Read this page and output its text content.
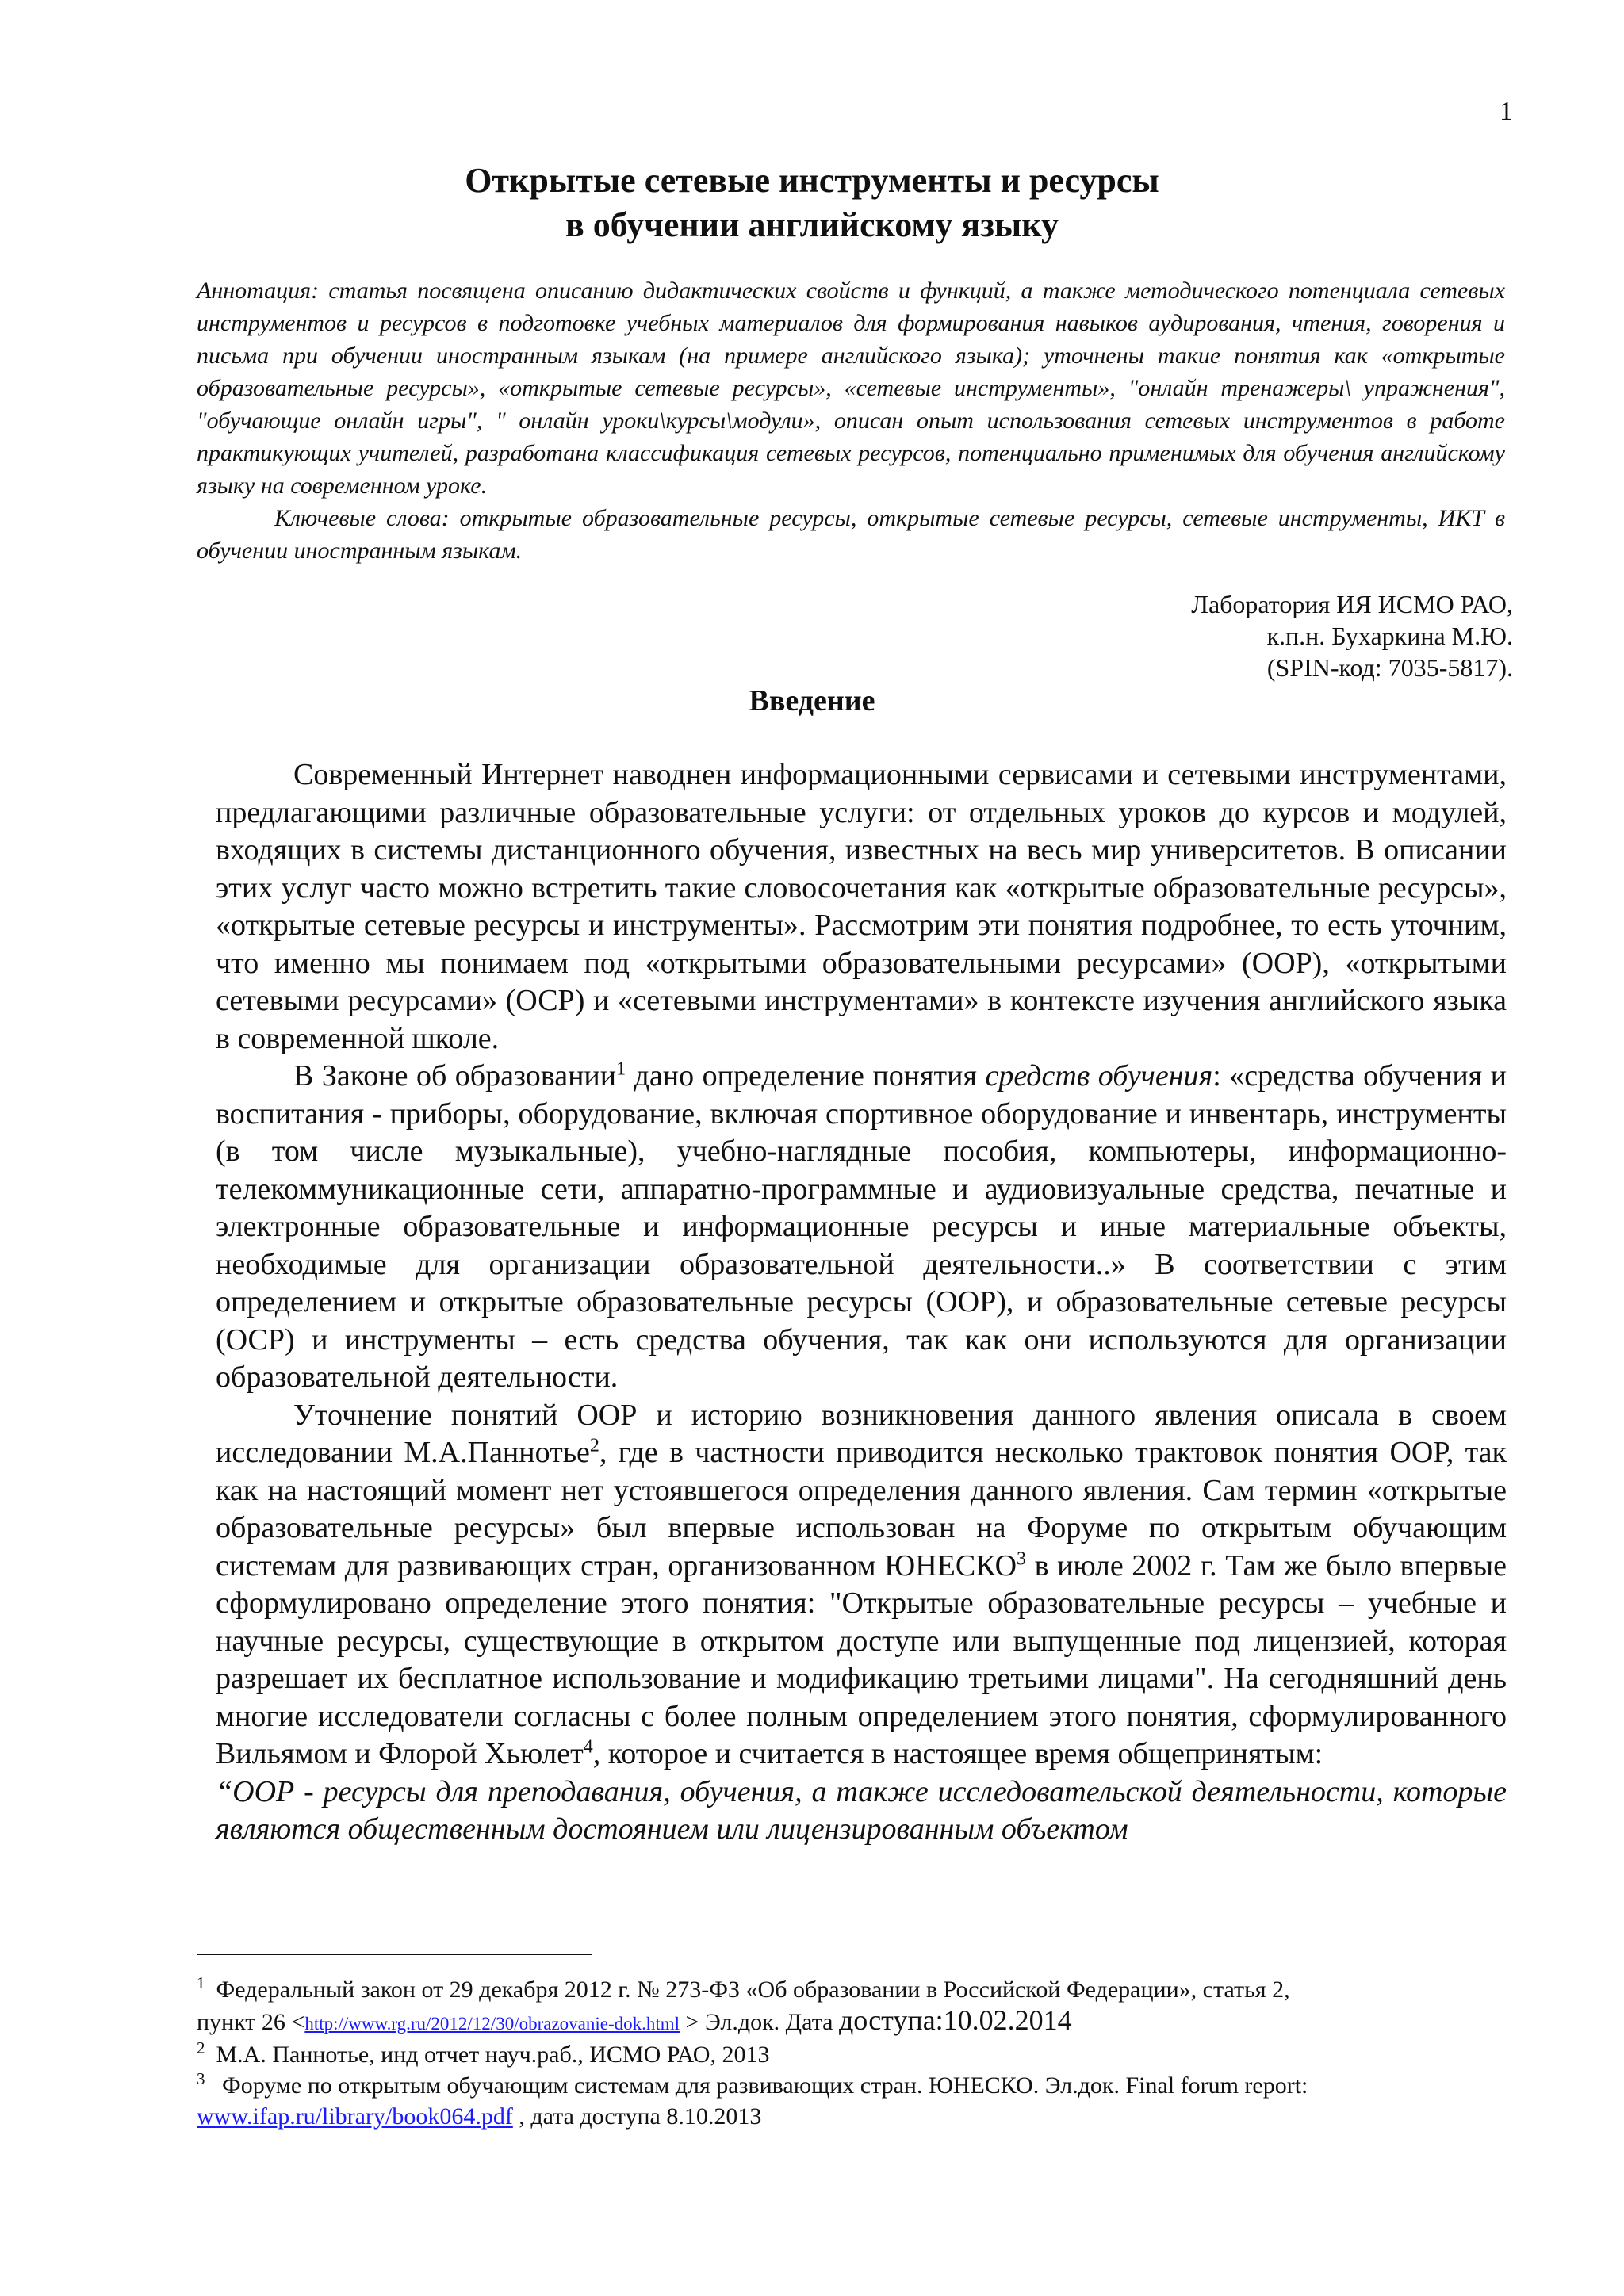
1
Открытые сетевые инструменты и ресурсы
в обучении английскому языку

Аннотация: статья посвящена описанию дидактических свойств и функций, а также методического потенциала сетевых инструментов и ресурсов в подготовке учебных материалов для формирования навыков аудирования, чтения, говорения и письма при обучении иностранным языкам (на примере английского языка); уточнены такие понятия как «открытые образовательные ресурсы», «открытые сетевые ресурсы», «сетевые инструменты», "онлайн тренажеры\ упражнения", "обучающие онлайн игры", " онлайн уроки\курсы\модули», описан опыт использования сетевых инструментов в работе практикующих учителей, разработана классификация сетевых ресурсов, потенциально применимых для обучения английскому языку на современном уроке.

Ключевые слова: открытые образовательные ресурсы, открытые сетевые ресурсы, сетевые инструменты, ИКТ в обучении иностранным языкам.

Лаборатория ИЯ ИСМО РАО,
к.п.н. Бухаркина М.Ю.
(SPIN-код: 7035-5817).
Введение

Современный Интернет наводнен информационными сервисами и сетевыми инструментами, предлагающими различные образовательные услуги: от отдельных уроков до курсов и модулей, входящих в системы дистанционного обучения, известных на весь мир университетов. В описании этих услуг часто можно встретить такие словосочетания как «открытые образовательные ресурсы», «открытые сетевые ресурсы и инструменты». Рассмотрим эти понятия подробнее, то есть уточним, что именно мы понимаем под «открытыми образовательными ресурсами» (ООР), «открытыми сетевыми ресурсами» (ОСР) и «сетевыми инструментами» в контексте изучения английского языка в современной школе.

В Законе об образовании$^1$ дано определение понятия средств обучения: «средства обучения и воспитания - приборы, оборудование, включая спортивное оборудование и инвентарь, инструменты (в том числе музыкальные), учебно-наглядные пособия, компьютеры, информационно-телекоммуникационные сети, аппаратно-программные и аудиовизуальные средства, печатные и электронные образовательные и информационные ресурсы и иные материальные объекты, необходимые для организации образовательной деятельности..» В соответствии с этим определением и открытые образовательные ресурсы (ООР), и образовательные сетевые ресурсы (ОСР) и инструменты – есть средства обучения, так как они используются для организации образовательной деятельности.

Уточнение понятий ООР и историю возникновения данного явления описала в своем исследовании М.А.Паннотье$^2$, где в частности приводится несколько трактовок понятия ООР, так как на настоящий момент нет устоявшегося определения данного явления. Сам термин «открытые образовательные ресурсы» был впервые использован на Форуме по открытым обучающим системам для развивающих стран, организованном ЮНЕСКО$^3$ в июле 2002 г. Там же было впервые сформулировано определение этого понятия: "Открытые образовательные ресурсы – учебные и научные ресурсы, существующие в открытом доступе или выпущенные под лицензией, которая разрешает их бесплатное использование и модификацию третьими лицами". На сегодняшний день многие исследователи согласны с более полным определением этого понятия, сформулированного Вильямом и Флорой Хьюлет$^4$, которое и считается в настоящее время общепринятым:

“ООР - ресурсы для преподавания, обучения, а также исследовательской деятельности, которые являются общественным достоянием или лицензированным объектом

$^1$ Федеральный закон от 29 декабря 2012 г. № 273-ФЗ «Об образовании в Российской Федерации», статья 2,

пункт 26 <http://www.rg.ru/2012/12/30/obrazovanie-dok.html > Эл.док. Дата доступа:10.02.2014

$^2$ М.А. Паннотье, инд отчет науч.раб., ИСМО РАО, 2013

$^3$ Форуме по открытым обучающим системам для развивающих стран. ЮНЕСКО. Эл.док. Final forum report:

www.ifap.ru/library/book064.pdf , дата доступа 8.10.2013
